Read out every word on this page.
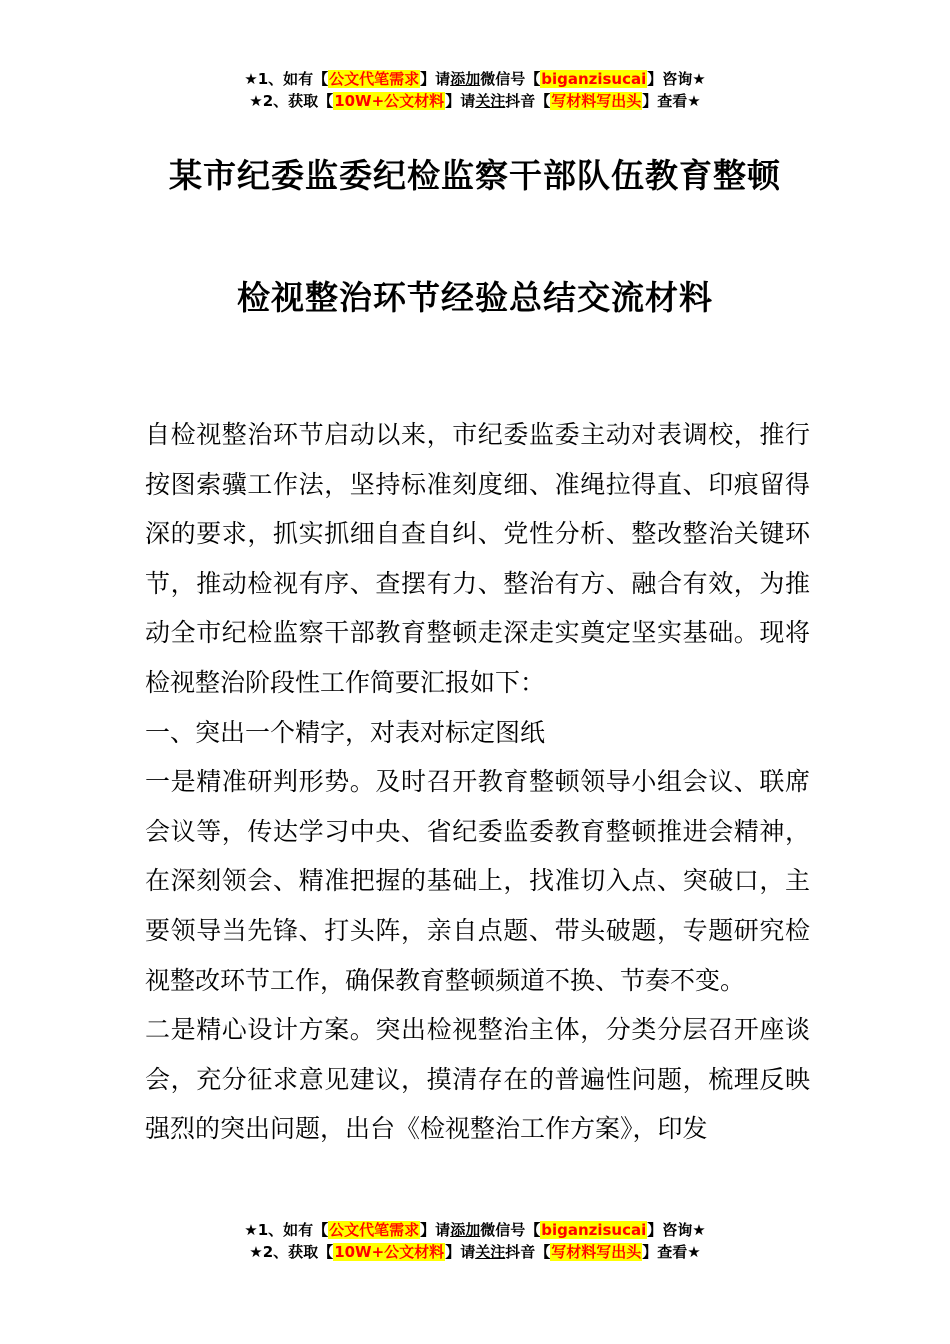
★1、如有【公文代笔需求】请添加微信号【biganzisucai】咨询★
★2、获取【10W+公文材料】请关注抖音【写材料写出头】查看★
某市纪委监委纪检监察干部队伍教育整顿
检视整治环节经验总结交流材料

自检视整治环节启动以来，市纪委监委主动对表调校，推行按图索骥工作法，坚持标准刻度细、准绳拉得直、印痕留得深的要求，抓实抓细自查自纠、党性分析、整改整治关键环节，推动检视有序、查摆有力、整治有方、融合有效，为推动全市纪检监察干部教育整顿走深走实奠定坚实基础。现将检视整治阶段性工作简要汇报如下：

一、突出一个精字，对表对标定图纸

一是精准研判形势。及时召开教育整顿领导小组会议、联席会议等，传达学习中央、省纪委监委教育整顿推进会精神，在深刻领会、精准把握的基础上，找准切入点、突破口，主要领导当先锋、打头阵，亲自点题、带头破题，专题研究检视整改环节工作，确保教育整顿频道不换、节奏不变。

二是精心设计方案。突出检视整治主体，分类分层召开座谈会，充分征求意见建议，摸清存在的普遍性问题，梳理反映强烈的突出问题，出台《检视整治工作方案》，印发

★1、如有【公文代笔需求】请添加微信号【biganzisucai】咨询★
★2、获取【10W+公文材料】请关注抖音【写材料写出头】查看★
